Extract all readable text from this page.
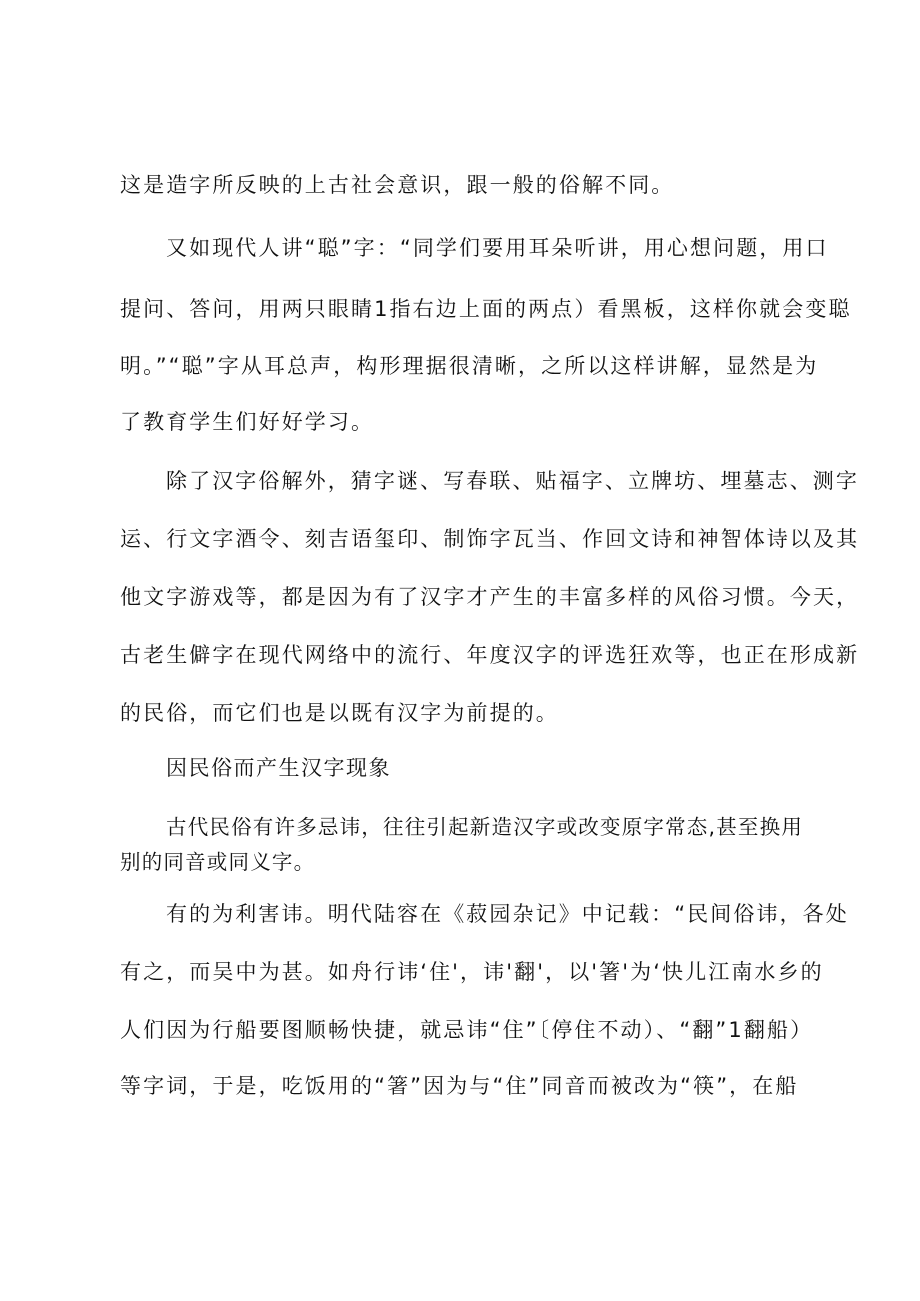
这是造字所反映的上古社会意识，跟一般的俗解不同。
又如现代人讲“聪”字：“同学们要用耳朵听讲，用心想问题，用口
提问、答问，用两只眼睛1指右边上面的两点）看黑板，这样你就会变聪
明。”“聪”字从耳总声，构形理据很清晰，之所以这样讲解，显然是为
了教育学生们好好学习。
除了汉字俗解外，猜字谜、写春联、贴福字、立牌坊、埋墓志、测字
运、行文字酒令、刻吉语玺印、制饰字瓦当、作回文诗和神智体诗以及其
他文字游戏等，都是因为有了汉字才产生的丰富多样的风俗习惯。今天，
古老生僻字在现代网络中的流行、年度汉字的评选狂欢等，也正在形成新
的民俗，而它们也是以既有汉字为前提的。
因民俗而产生汉字现象
古代民俗有许多忌讳，往往引起新造汉字或改变原字常态,甚至换用
别的同音或同义字。
有的为利害讳。明代陆容在《菽园杂记》中记载：“民间俗讳，各处
有之，而吴中为甚。如舟行讳‘住'，讳'翻'，以'箸'为‘快儿江南水乡的
人们因为行船要图顺畅快捷，就忌讳“住”〔停住不动）、“翻”1翻船）
等字词，于是，吃饭用的“箸”因为与“住”同音而被改为“筷”，在船
